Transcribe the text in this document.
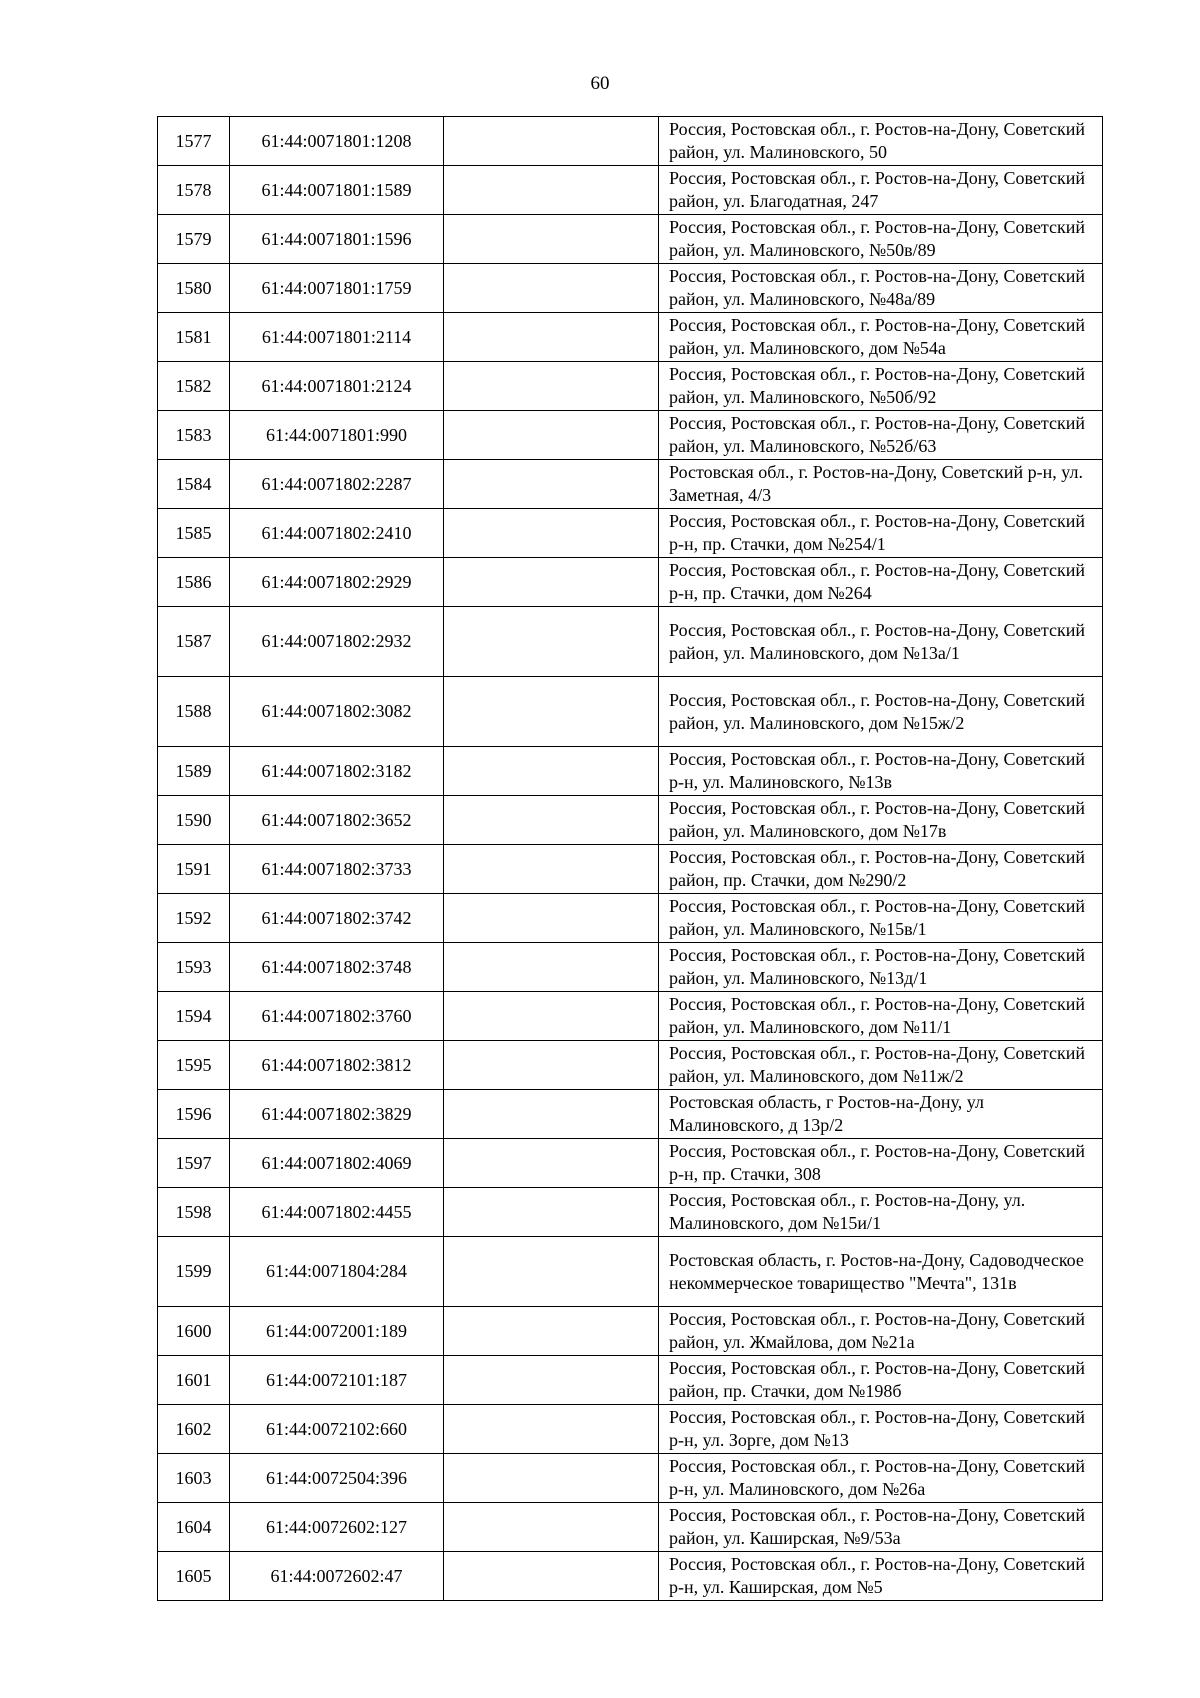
60
1577	61:44:0071801:1208		Россия, Ростовская обл., г. Ростов-на-Дону, Советский район, ул. Малиновского, 50
1578	61:44:0071801:1589		Россия, Ростовская обл., г. Ростов-на-Дону, Советский район, ул. Благодатная, 247
1579	61:44:0071801:1596		Россия, Ростовская обл., г. Ростов-на-Дону, Советский район, ул. Малиновского, №50в/89
1580	61:44:0071801:1759		Россия, Ростовская обл., г. Ростов-на-Дону, Советский район, ул. Малиновского, №48а/89
1581	61:44:0071801:2114		Россия, Ростовская обл., г. Ростов-на-Дону, Советский район, ул. Малиновского, дом №54а
1582	61:44:0071801:2124		Россия, Ростовская обл., г. Ростов-на-Дону, Советский район, ул. Малиновского, №50б/92
1583	61:44:0071801:990		Россия, Ростовская обл., г. Ростов-на-Дону, Советский район, ул. Малиновского, №52б/63
1584	61:44:0071802:2287		Ростовская обл., г. Ростов-на-Дону, Советский р-н, ул. Заметная, 4/3
1585	61:44:0071802:2410		Россия, Ростовская обл., г. Ростов-на-Дону, Советский р-н, пр. Стачки, дом №254/1
1586	61:44:0071802:2929		Россия, Ростовская обл., г. Ростов-на-Дону, Советский р-н, пр. Стачки, дом №264
1587	61:44:0071802:2932		Россия, Ростовская обл., г. Ростов-на-Дону, Советский район, ул. Малиновского, дом №13а/1
1588	61:44:0071802:3082		Россия, Ростовская обл., г. Ростов-на-Дону, Советский район, ул. Малиновского, дом №15ж/2
1589	61:44:0071802:3182		Россия, Ростовская обл., г. Ростов-на-Дону, Советский р-н, ул. Малиновского, №13в
1590	61:44:0071802:3652		Россия, Ростовская обл., г. Ростов-на-Дону, Советский район, ул. Малиновского, дом №17в
1591	61:44:0071802:3733		Россия, Ростовская обл., г. Ростов-на-Дону, Советский район, пр. Стачки, дом №290/2
1592	61:44:0071802:3742		Россия, Ростовская обл., г. Ростов-на-Дону, Советский район, ул. Малиновского, №15в/1
1593	61:44:0071802:3748		Россия, Ростовская обл., г. Ростов-на-Дону, Советский район, ул. Малиновского, №13д/1
1594	61:44:0071802:3760		Россия, Ростовская обл., г. Ростов-на-Дону, Советский район, ул. Малиновского, дом №11/1
1595	61:44:0071802:3812		Россия, Ростовская обл., г. Ростов-на-Дону, Советский район, ул. Малиновского, дом №11ж/2
1596	61:44:0071802:3829		Ростовская область, г Ростов-на-Дону, ул Малиновского, д 13р/2
1597	61:44:0071802:4069		Россия, Ростовская обл., г. Ростов-на-Дону, Советский р-н, пр. Стачки, 308
1598	61:44:0071802:4455		Россия, Ростовская обл., г. Ростов-на-Дону, ул. Малиновского, дом №15и/1
1599	61:44:0071804:284		Ростовская область, г. Ростов-на-Дону, Садоводческое некоммерческое товарищество "Мечта", 131в
1600	61:44:0072001:189		Россия, Ростовская обл., г. Ростов-на-Дону, Советский район, ул. Жмайлова, дом №21а
1601	61:44:0072101:187		Россия, Ростовская обл., г. Ростов-на-Дону, Советский район, пр. Стачки, дом №198б
1602	61:44:0072102:660		Россия, Ростовская обл., г. Ростов-на-Дону, Советский р-н, ул. Зорге, дом №13
1603	61:44:0072504:396		Россия, Ростовская обл., г. Ростов-на-Дону, Советский р-н, ул. Малиновского, дом №26а
1604	61:44:0072602:127		Россия, Ростовская обл., г. Ростов-на-Дону, Советский район, ул. Каширская, №9/53а
1605	61:44:0072602:47		Россия, Ростовская обл., г. Ростов-на-Дону, Советский р-н, ул. Каширская, дом №5
